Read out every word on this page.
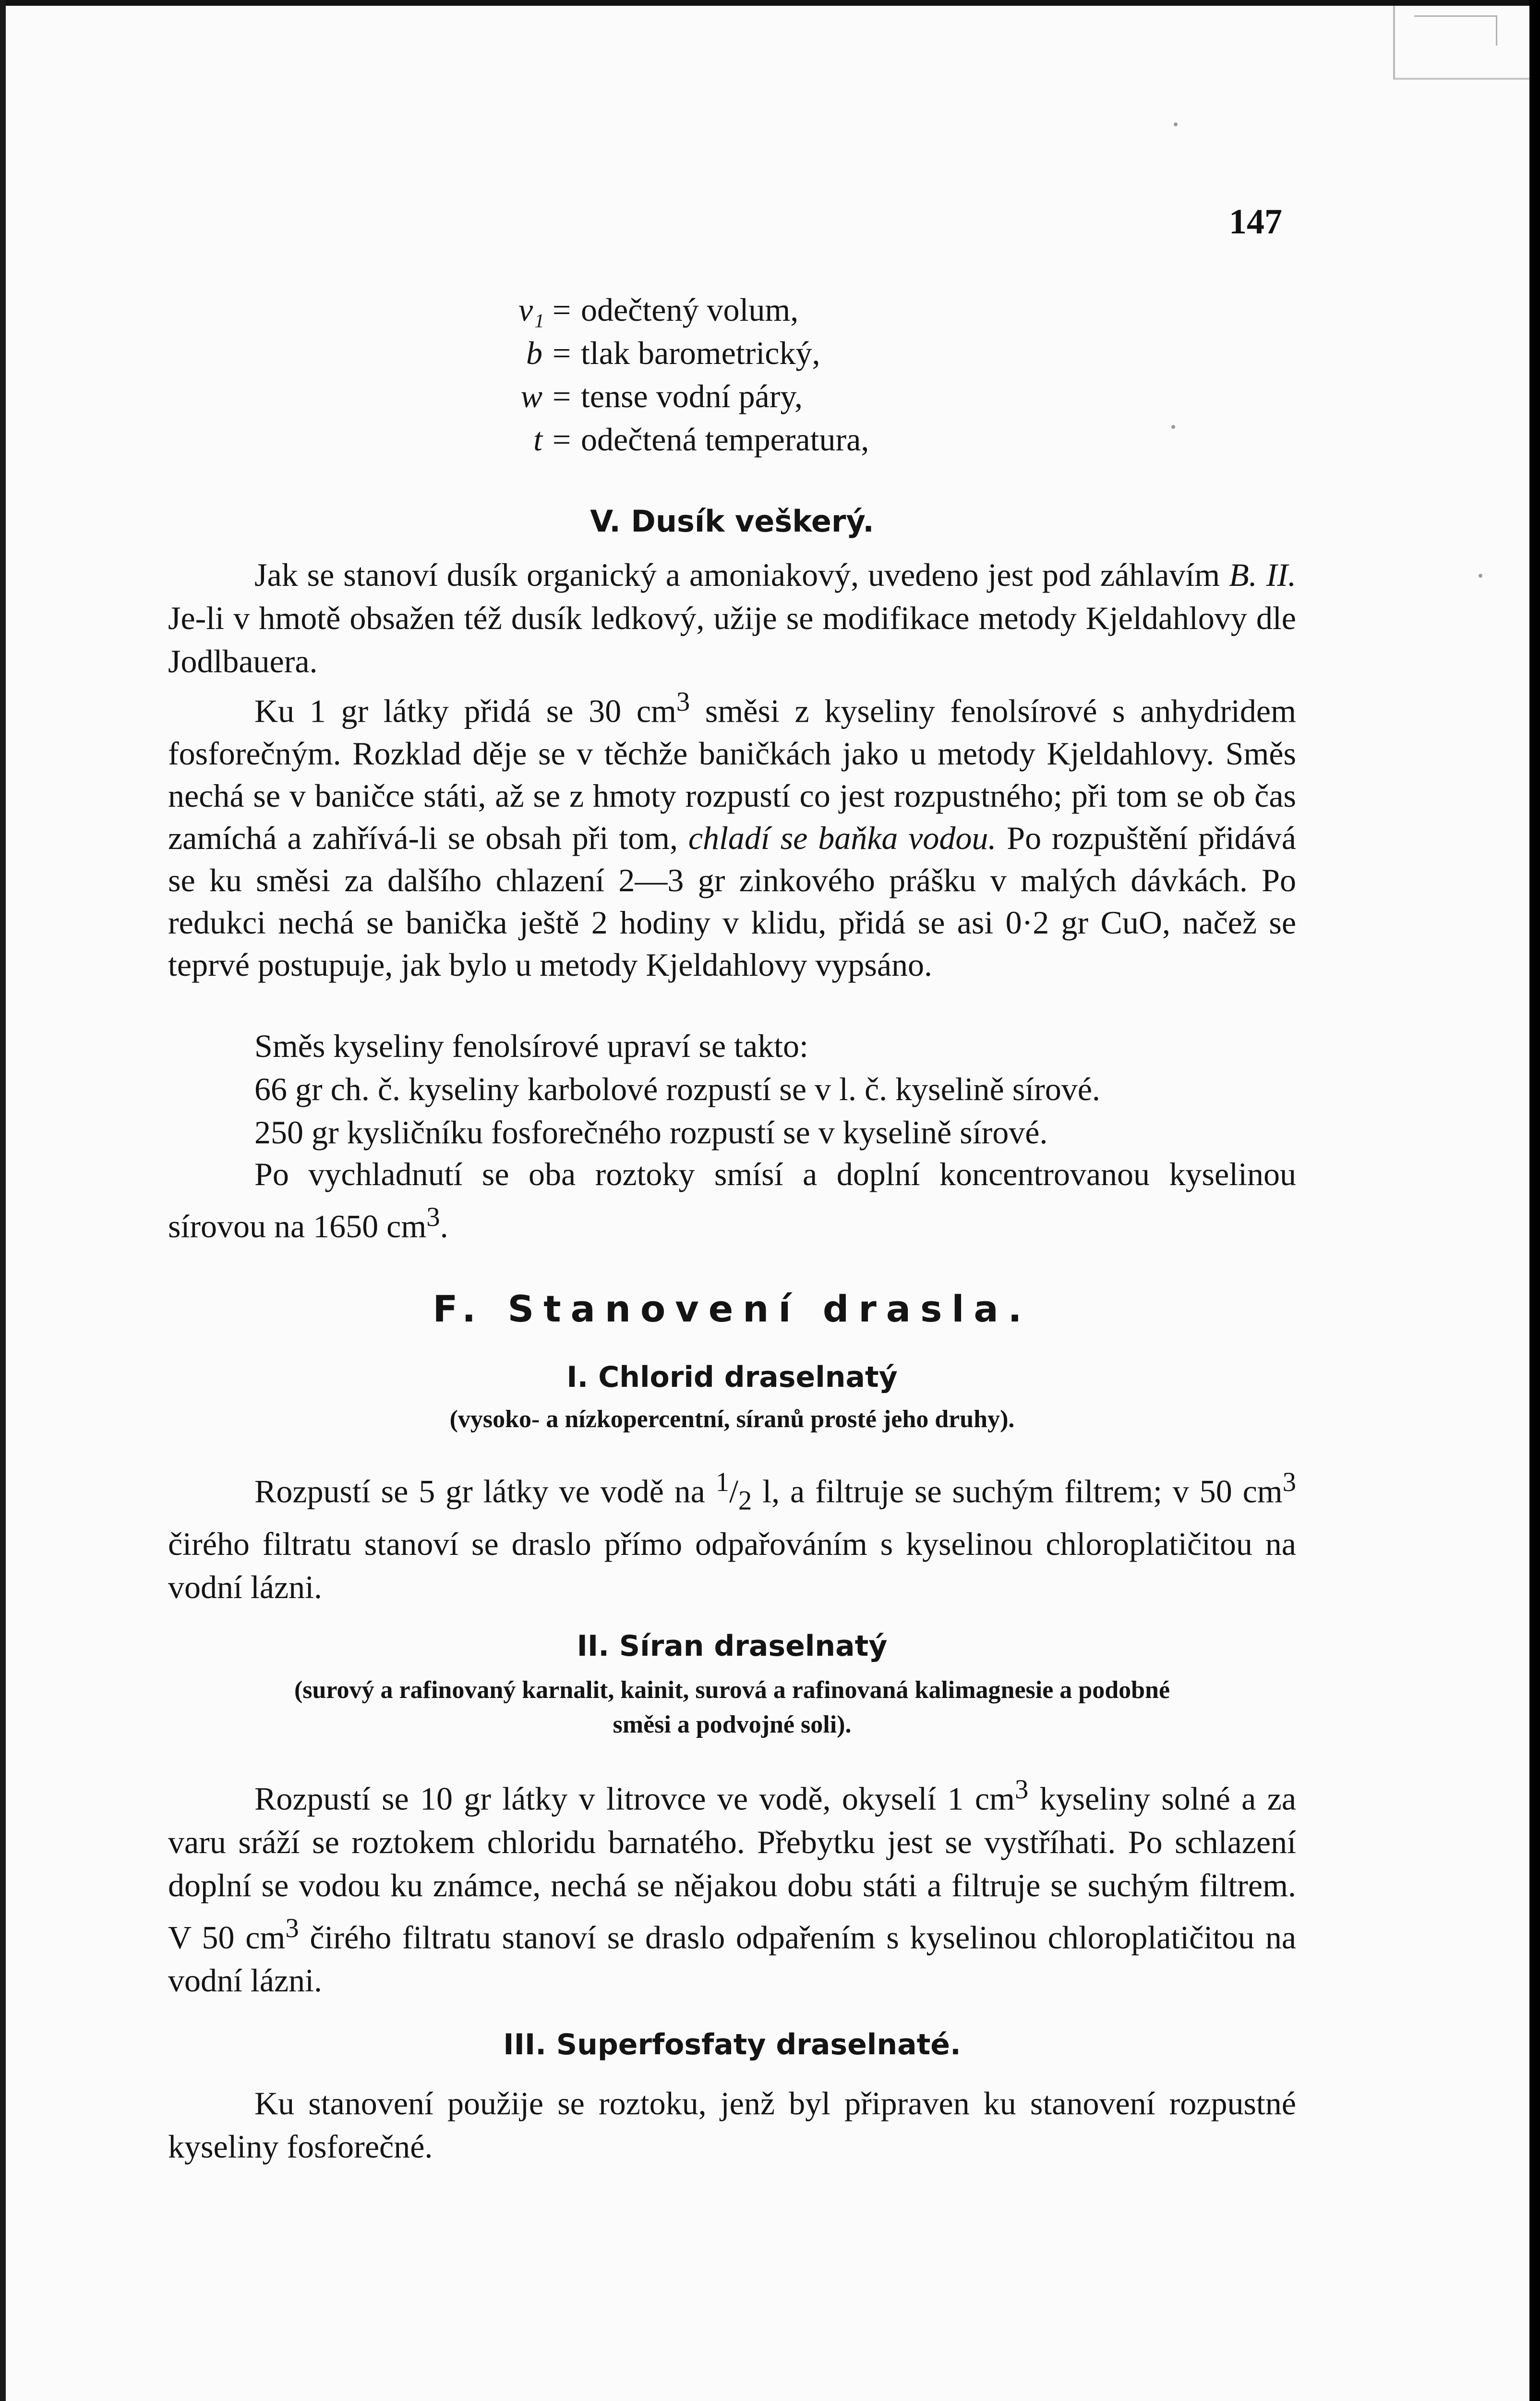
147
v₁ = odečtený volum,
b = tlak barometrický,
w = tense vodní páry,
t = odečtená temperatura,
V. Dusík veškerý.
Jak se stanoví dusík organický a amoniakový, uvedeno jest pod záhlavím B. II. Je-li v hmotě obsažen též dusík ledkový, užije se modifikace metody Kjeldahlovy dle Jodlbauera.
Ku 1 gr látky přidá se 30 $cm^3$ směsi z kyseliny fenolsírové s anhydridem fosforečným. Rozklad děje se v těchže baničkách jako u metody Kjeldahlovy. Směs nechá se v baničce státi, až se z hmoty rozpustí co jest rozpustného; při tom se ob čas zamíchá a zahřívá-li se obsah při tom, chladí se baňka vodou. Po rozpuštění přidává se ku směsi za dalšího chlazení 2—3 gr zinkového prášku v malých dávkách. Po redukci nechá se banička ještě 2 hodiny v klidu, přidá se asi 0·2 gr CuO, načež se teprvé postupuje, jak bylo u metody Kjeldahlovy vypsáno.
Směs kyseliny fenolsírové upraví se takto:
66 gr ch. č. kyseliny karbolové rozpustí se v l. č. kyselině sírové.
250 gr kysličníku fosforečného rozpustí se v kyselině sírové.
Po vychladnutí se oba roztoky smísí a doplní koncentrovanou kyselinou sírovou na 1650 $cm^3$.
F. Stanovení drasla.
I. Chlorid draselnatý
(vysoko- a nízkopercentní, síranů prosté jeho druhy).
Rozpustí se 5 gr látky ve vodě na $^1/_2$ l, a filtruje se suchým filtrem; v 50 $cm^3$ čirého filtratu stanoví se draslo přímo odpařováním s kyselinou chloroplatičitou na vodní lázni.
II. Síran draselnatý
(surový a rafinovaný karnalit, kainit, surová a rafinovaná kalimagnesie a podobné
směsi a podvojné soli).
Rozpustí se 10 gr látky v litrovce ve vodě, okyselí 1 $cm^3$ kyseliny solné a za varu sráží se roztokem chloridu barnatého. Přebytku jest se vystříhati. Po schlazení doplní se vodou ku známce, nechá se nějakou dobu státi a filtruje se suchým filtrem. V 50 $cm^3$ čirého filtratu stanoví se draslo odpařením s kyselinou chloroplatičitou na vodní lázni.
III. Superfosfaty draselnaté.
Ku stanovení použije se roztoku, jenž byl připraven ku stanovení rozpustné kyseliny fosforečné.
